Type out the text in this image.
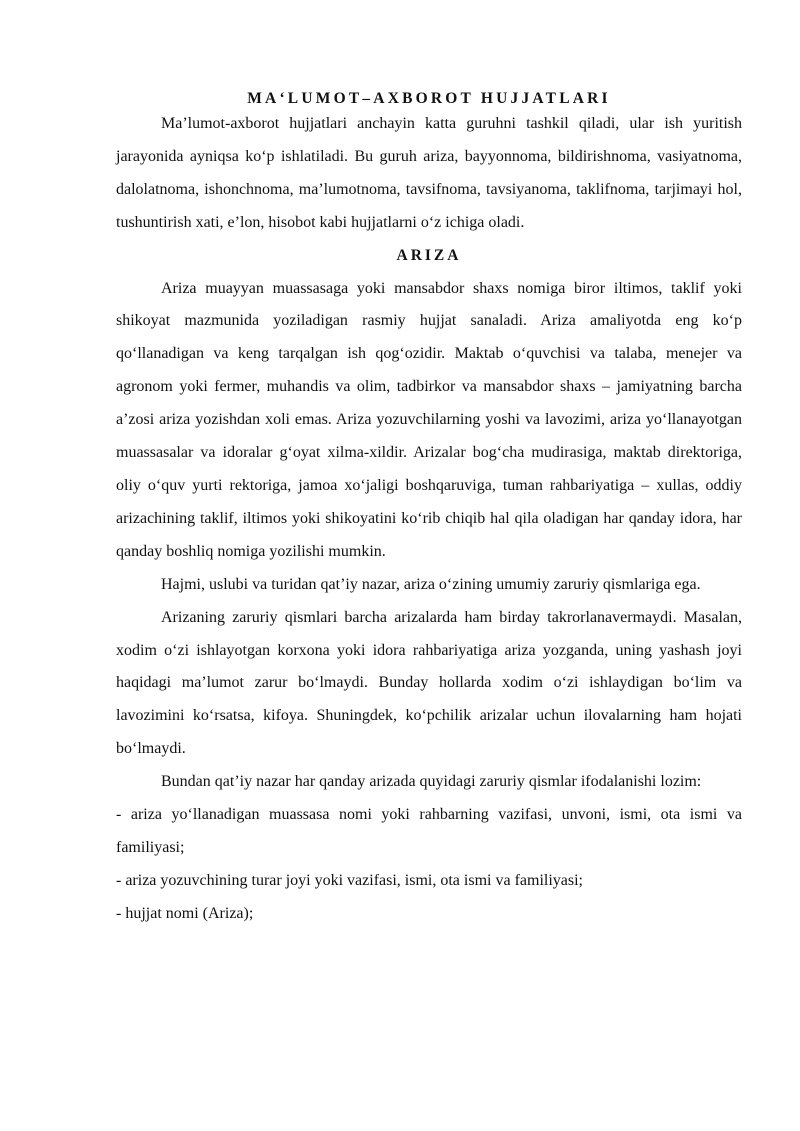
MA‘LUMOT–AXBOROT HUJJATLARI

Ma’lumot-axborot hujjatlari anchayin katta guruhni tashkil qiladi, ular ish yuritish jarayonida ayniqsa ko‘p ishlatiladi. Bu guruh ariza, bayyonnoma, bildirishnoma, vasiyatnoma, dalolatnoma, ishonchnoma, ma’lumotnoma, tavsifnoma, tavsiyanoma, taklifnoma, tarjimayi hol, tushuntirish xati, e’lon, hisobot kabi hujjatlarni o‘z ichiga oladi.

ARIZA

Ariza muayyan muassasaga yoki mansabdor shaxs nomiga biror iltimos, taklif yoki shikoyat mazmunida yoziladigan rasmiy hujjat sanaladi. Ariza amaliyotda eng ko‘p qo‘llanadigan va keng tarqalgan ish qog‘ozidir. Maktab o‘quvchisi va talaba, menejer va agronom yoki fermer, muhandis va olim, tadbirkor va mansabdor shaxs – jamiyatning barcha a’zosi ariza yozishdan xoli emas. Ariza yozuvchilarning yoshi va lavozimi, ariza yo‘llanayotgan muassasalar va idoralar g‘oyat xilma-xildir. Arizalar bog‘cha mudirasiga, maktab direktoriga, oliy o‘quv yurti rektoriga, jamoa xo‘jaligi boshqaruviga, tuman rahbariyatiga – xullas, oddiy arizachining taklif, iltimos yoki shikoyatini ko‘rib chiqib hal qila oladigan har qanday idora, har qanday boshliq nomiga yozilishi mumkin.

Hajmi, uslubi va turidan qat’iy nazar, ariza o‘zining umumiy zaruriy qismlariga ega.

Arizaning zaruriy qismlari barcha arizalarda ham birday takrorlanavermaydi. Masalan, xodim o‘zi ishlayotgan korxona yoki idora rahbariyatiga ariza yozganda, uning yashash joyi haqidagi ma’lumot zarur bo‘lmaydi. Bunday hollarda xodim o‘zi ishlaydigan bo‘lim va lavozimini ko‘rsatsa, kifoya. Shuningdek, ko‘pchilik arizalar uchun ilovalarning ham hojati bo‘lmaydi.

Bundan qat’iy nazar har qanday arizada quyidagi zaruriy qismlar ifodalanishi lozim:

- ariza yo‘llanadigan muassasa nomi yoki rahbarning vazifasi, unvoni, ismi, ota ismi va familiyasi;

- ariza yozuvchining turar joyi yoki vazifasi, ismi, ota ismi va familiyasi;

- hujjat nomi (Ariza);
